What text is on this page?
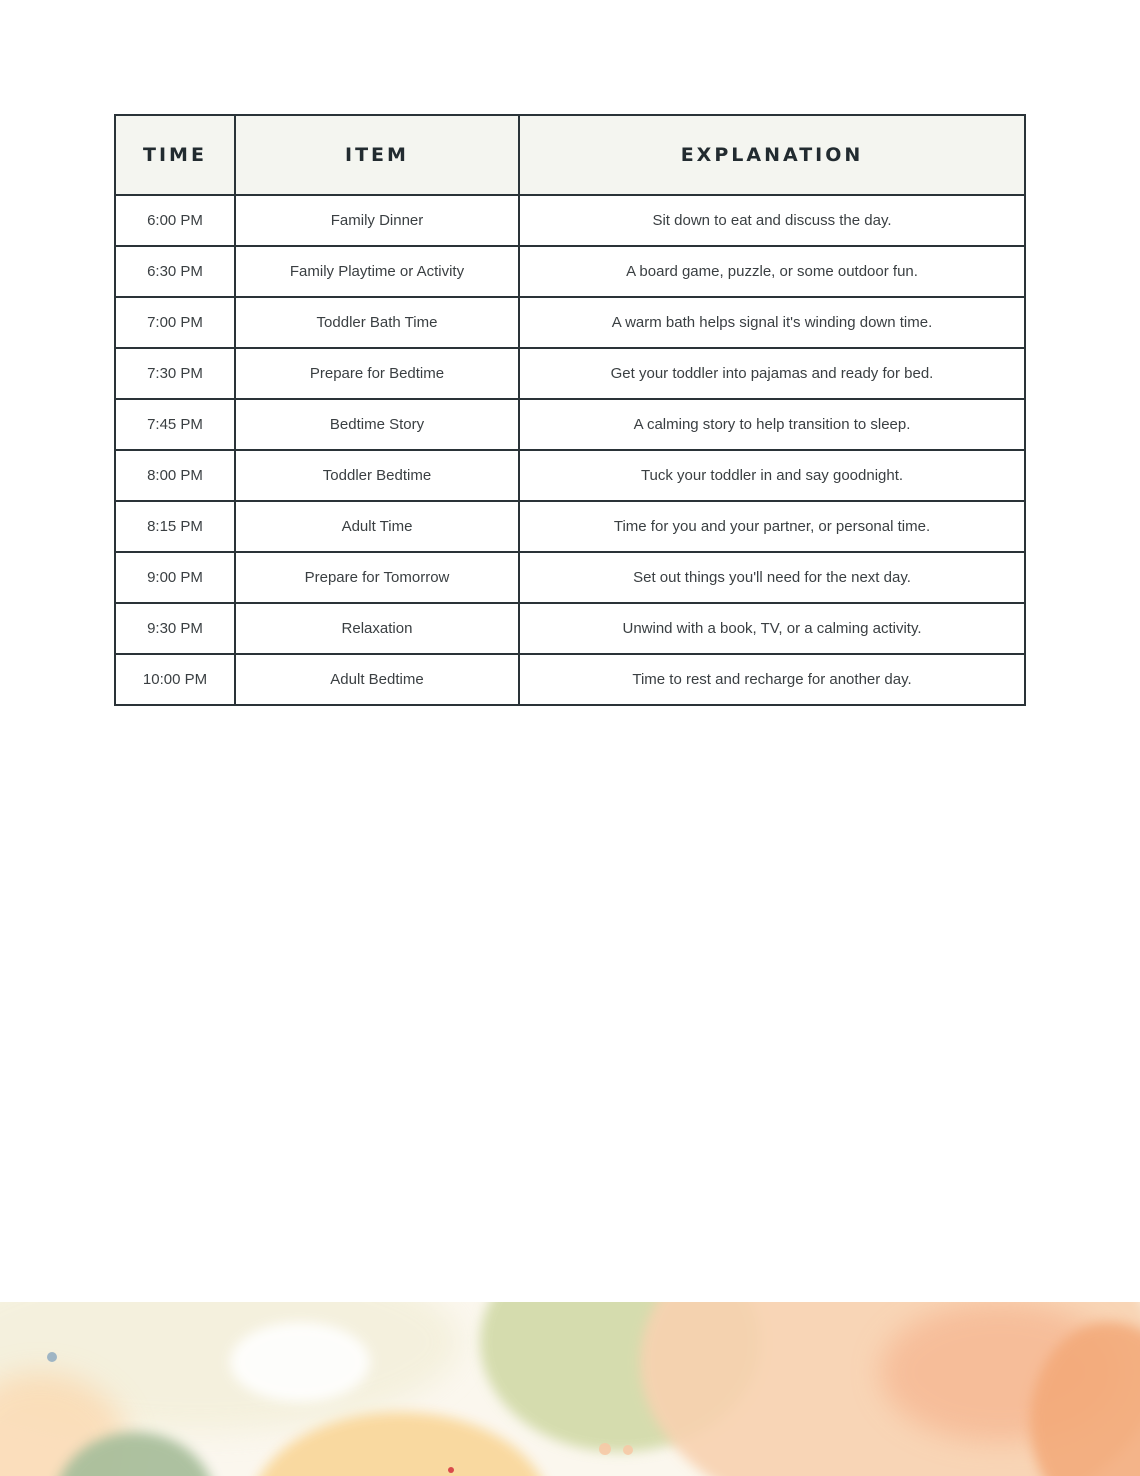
TIME	ITEM	EXPLANATION
6:00 PM	Family Dinner	Sit down to eat and discuss the day.
6:30 PM	Family Playtime or Activity	A board game, puzzle, or some outdoor fun.
7:00 PM	Toddler Bath Time	A warm bath helps signal it's winding down time.
7:30 PM	Prepare for Bedtime	Get your toddler into pajamas and ready for bed.
7:45 PM	Bedtime Story	A calming story to help transition to sleep.
8:00 PM	Toddler Bedtime	Tuck your toddler in and say goodnight.
8:15 PM	Adult Time	Time for you and your partner, or personal time.
9:00 PM	Prepare for Tomorrow	Set out things you'll need for the next day.
9:30 PM	Relaxation	Unwind with a book, TV, or a calming activity.
10:00 PM	Adult Bedtime	Time to rest and recharge for another day.
